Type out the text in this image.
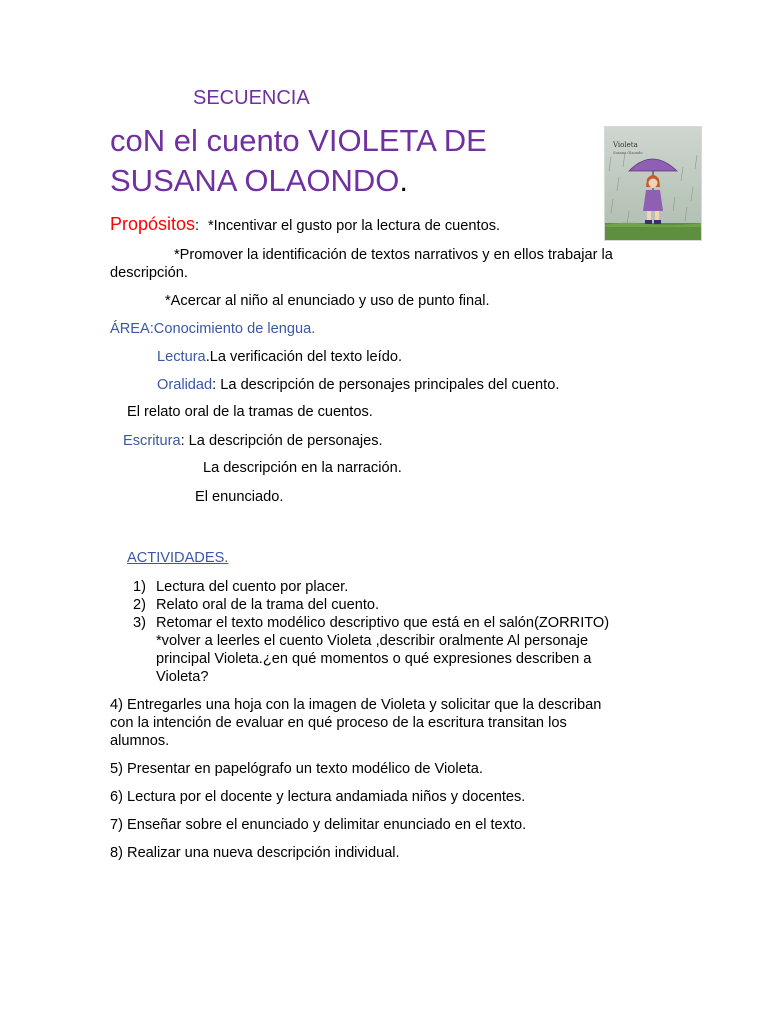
SECUENCIA
coN el cuento VIOLETA DE
SUSANA OLAONDO.
Violeta
Susana Olaondo
Propósitos: *Incentivar el gusto por la lectura de cuentos.
*Promover la identificación de textos narrativos y en ellos trabajar la
descripción.
*Acercar al niño al enunciado y uso de punto final.
ÁREA:Conocimiento de lengua.
Lectura.La verificación del texto leído.
Oralidad: La descripción de personajes principales del cuento.
El relato oral de la tramas de cuentos.
Escritura: La descripción de personajes.
La descripción en la narración.
El enunciado.
ACTIVIDADES.
1) Lectura del cuento por placer.
2) Relato oral de la trama del cuento.
3) Retomar el texto modélico descriptivo que está en el salón(ZORRITO)
*volver a leerles el cuento Violeta ,describir oralmente Al personaje
principal Violeta.¿en qué momentos o qué expresiones describen a
Violeta?
4) Entregarles una hoja con la imagen de Violeta y solicitar que la describan
con la intención de evaluar en qué proceso de la escritura transitan los
alumnos.
5) Presentar en papelógrafo un texto modélico de Violeta.
6) Lectura por el docente y lectura andamiada niños y docentes.
7) Enseñar sobre el enunciado y delimitar enunciado en el texto.
8) Realizar una nueva descripción individual.
